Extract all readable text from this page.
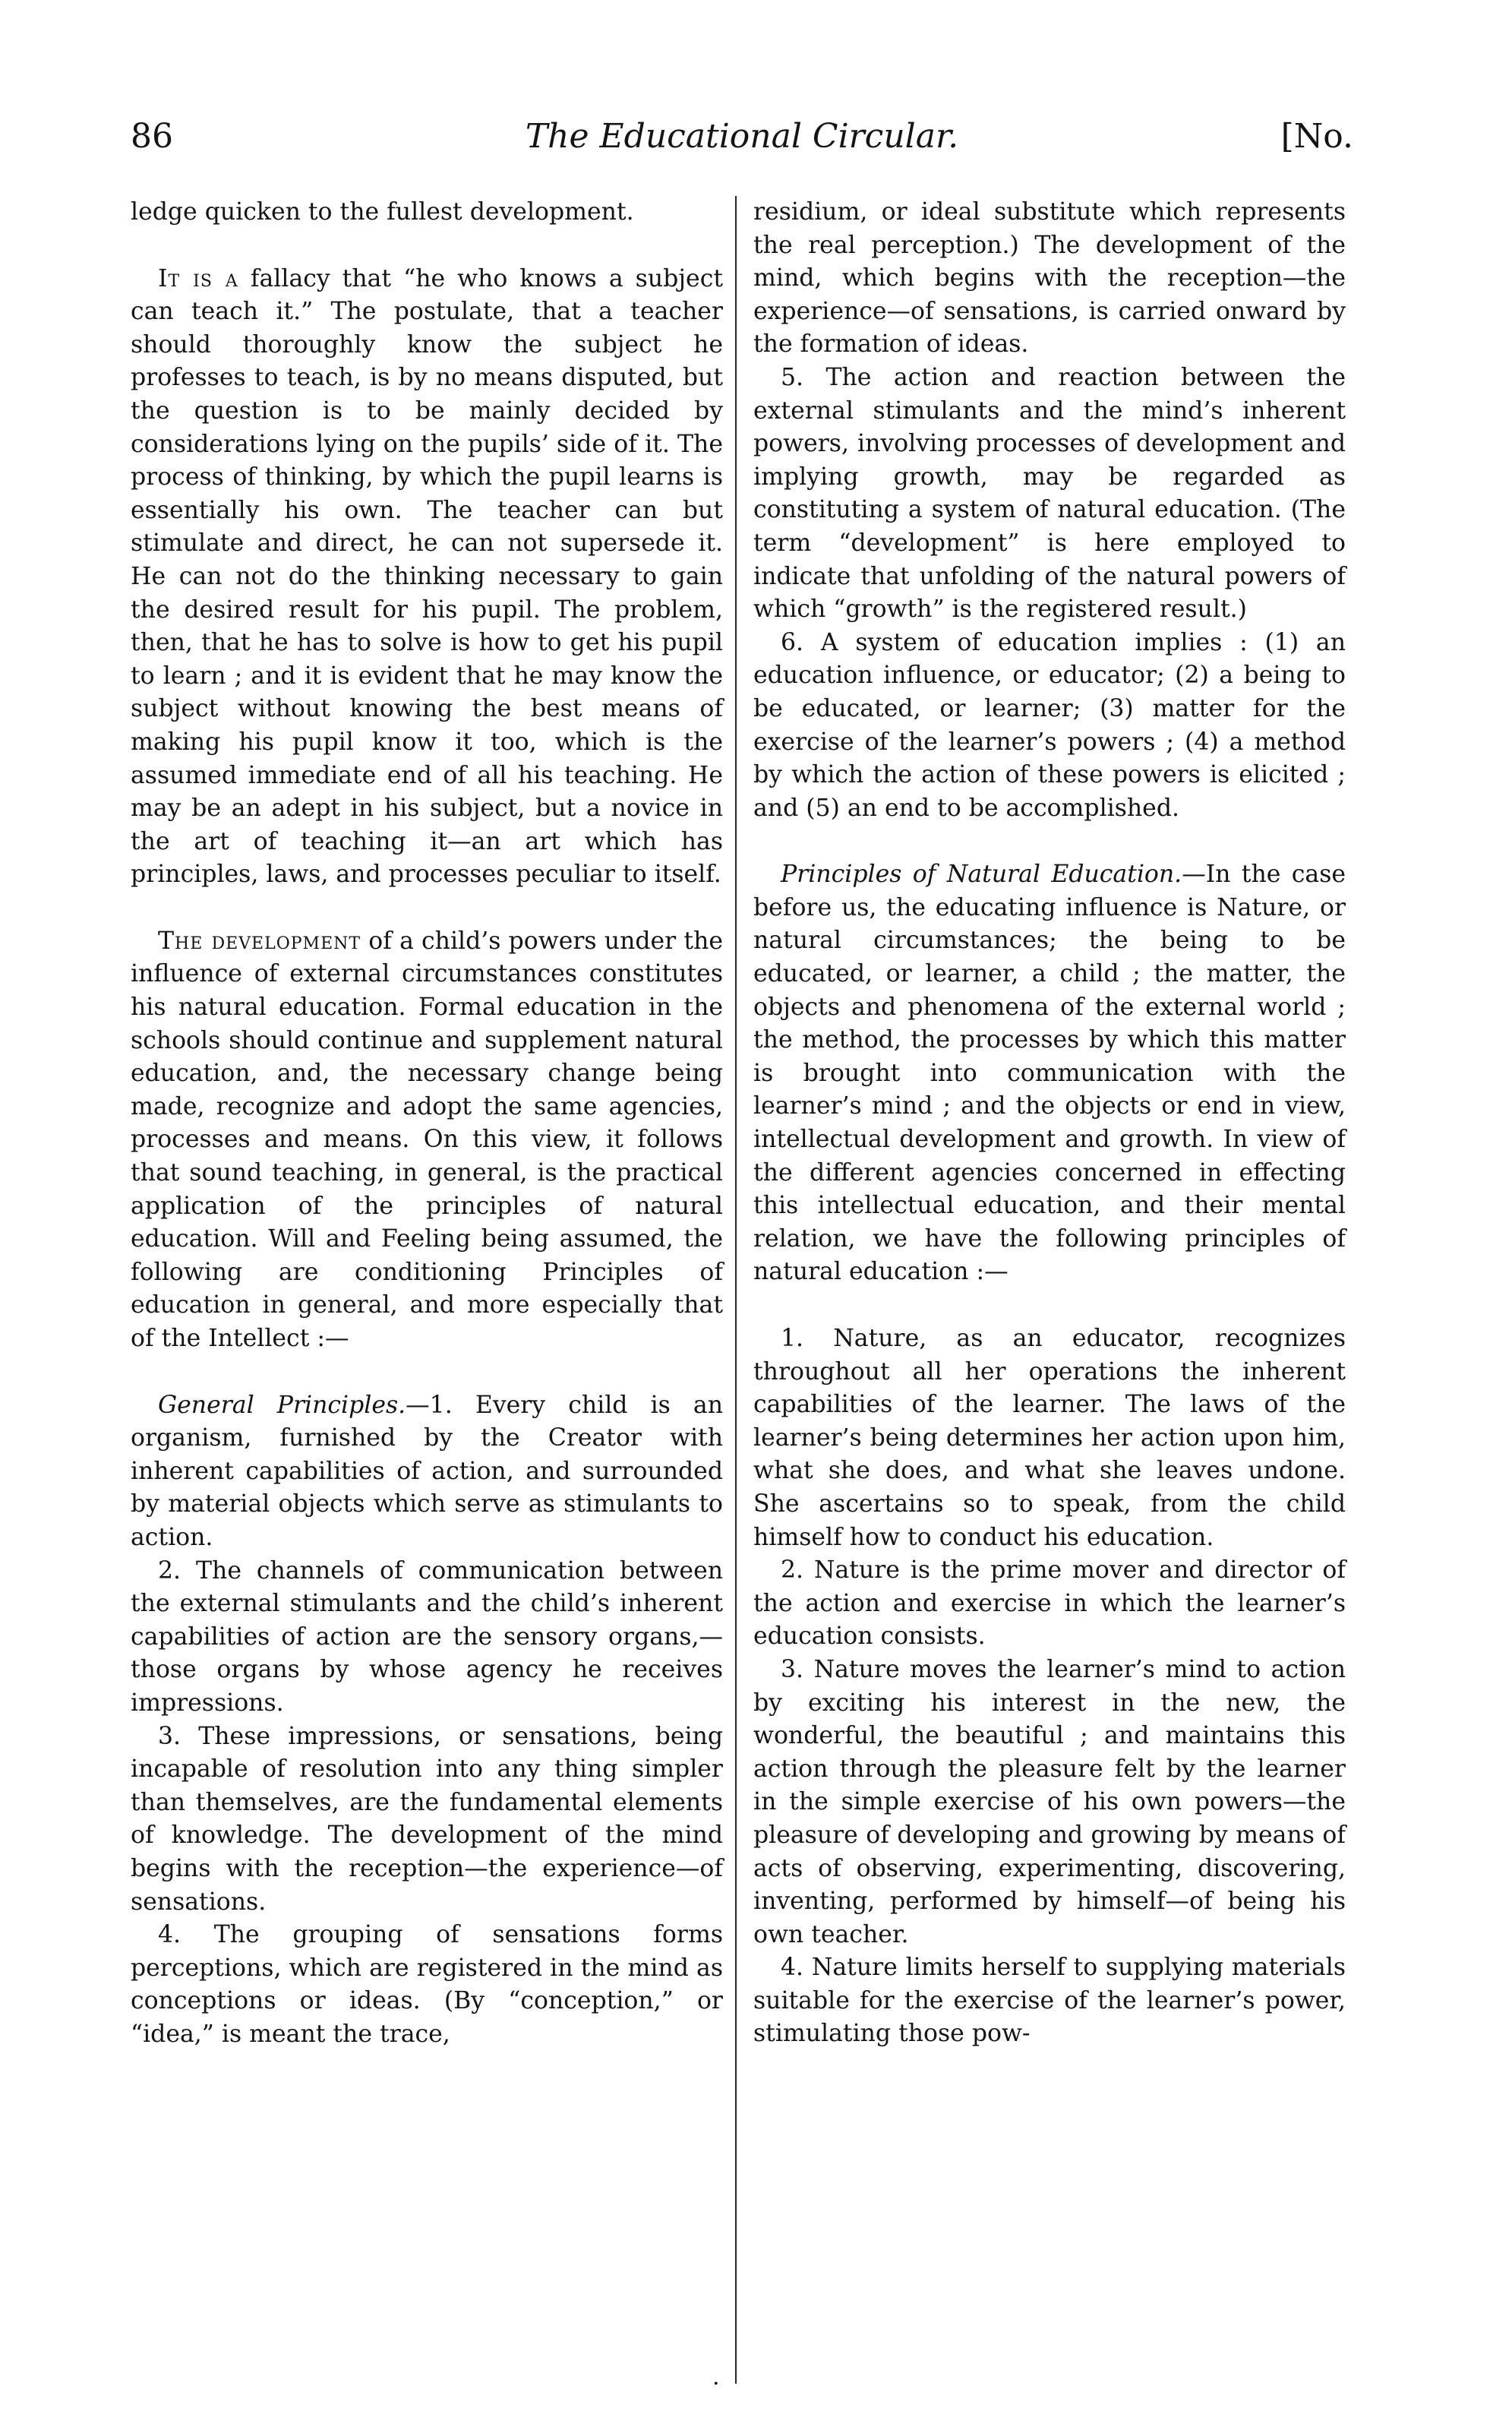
86	The Educational Circular.	[No.

ledge quicken to the fullest development.

It is a fallacy that “he who knows a subject can teach it.” The postulate, that a teacher should thoroughly know the subject he professes to teach, is by no means disputed, but the question is to be mainly decided by considerations lying on the pupils’ side of it. The process of thinking, by which the pupil learns is essentially his own. The teacher can but stimulate and direct, he can not supersede it. He can not do the thinking necessary to gain the desired result for his pupil. The problem, then, that he has to solve is how to get his pupil to learn ; and it is evident that he may know the subject without knowing the best means of making his pupil know it too, which is the assumed immediate end of all his teaching. He may be an adept in his subject, but a novice in the art of teaching it—an art which has principles, laws, and processes peculiar to itself.

The development of a child’s powers under the influence of external circumstances constitutes his natural education. Formal education in the schools should continue and supplement natural education, and, the necessary change being made, recognize and adopt the same agencies, processes and means. On this view, it follows that sound teaching, in general, is the practical application of the principles of natural education. Will and Feeling being assumed, the following are conditioning Principles of education in general, and more especially that of the Intellect :—

General Principles.—1. Every child is an organism, furnished by the Creator with inherent capabilities of action, and surrounded by material objects which serve as stimulants to action.

2. The channels of communication between the external stimulants and the child’s inherent capabilities of action are the sensory organs,—those organs by whose agency he receives impressions.

3. These impressions, or sensations, being incapable of resolution into any thing simpler than themselves, are the fundamental elements of knowledge. The development of the mind begins with the reception—the experience—of sensations.

4. The grouping of sensations forms perceptions, which are registered in the mind as conceptions or ideas. (By “conception,” or “idea,” is meant the trace,

residium, or ideal substitute which represents the real perception.) The development of the mind, which begins with the reception—the experience—of sensations, is carried onward by the formation of ideas.

5. The action and reaction between the external stimulants and the mind’s inherent powers, involving processes of development and implying growth, may be regarded as constituting a system of natural education. (The term “development” is here employed to indicate that unfolding of the natural powers of which “growth” is the registered result.)

6. A system of education implies : (1) an education influence, or educator; (2) a being to be educated, or learner; (3) matter for the exercise of the learner’s powers ; (4) a method by which the action of these powers is elicited ; and (5) an end to be accomplished.

Principles of Natural Education.—In the case before us, the educating influence is Nature, or natural circumstances; the being to be educated, or learner, a child ; the matter, the objects and phenomena of the external world ; the method, the processes by which this matter is brought into communication with the learner’s mind ; and the objects or end in view, intellectual development and growth. In view of the different agencies concerned in effecting this intellectual education, and their mental relation, we have the following principles of natural education :—

1. Nature, as an educator, recognizes throughout all her operations the inherent capabilities of the learner. The laws of the learner’s being determines her action upon him, what she does, and what she leaves undone. She ascertains so to speak, from the child himself how to conduct his education.

2. Nature is the prime mover and director of the action and exercise in which the learner’s education consists.

3. Nature moves the learner’s mind to action by exciting his interest in the new, the wonderful, the beautiful ; and maintains this action through the pleasure felt by the learner in the simple exercise of his own powers—the pleasure of developing and growing by means of acts of observing, experimenting, discovering, inventing, performed by himself—of being his own teacher.

4. Nature limits herself to supplying materials suitable for the exercise of the learner’s power, stimulating those pow-

.
